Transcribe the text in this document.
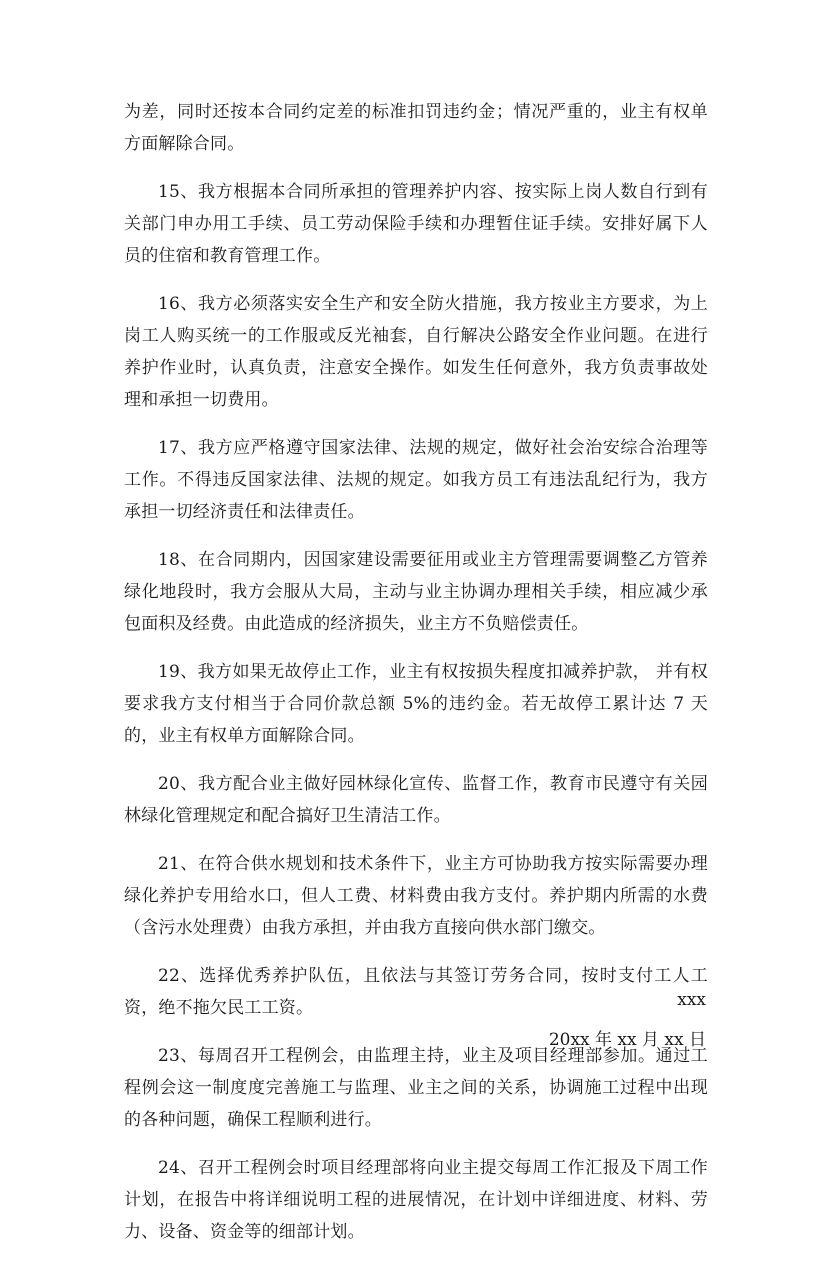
为差，同时还按本合同约定差的标准扣罚违约金；情况严重的，业主有权单方面解除合同。

15、我方根据本合同所承担的管理养护内容、按实际上岗人数自行到有关部门申办用工手续、员工劳动保险手续和办理暂住证手续。安排好属下人员的住宿和教育管理工作。

16、我方必须落实安全生产和安全防火措施，我方按业主方要求，为上岗工人购买统一的工作服或反光袖套，自行解决公路安全作业问题。在进行养护作业时，认真负责，注意安全操作。如发生任何意外，我方负责事故处理和承担一切费用。

17、我方应严格遵守国家法律、法规的规定，做好社会治安综合治理等工作。不得违反国家法律、法规的规定。如我方员工有违法乱纪行为，我方承担一切经济责任和法律责任。

18、在合同期内，因国家建设需要征用或业主方管理需要调整乙方管养绿化地段时，我方会服从大局，主动与业主协调办理相关手续，相应减少承包面积及经费。由此造成的经济损失，业主方不负赔偿责任。

19、我方如果无故停止工作，业主有权按损失程度扣减养护款， 并有权要求我方支付相当于合同价款总额 5%的违约金。若无故停工累计达 7 天的，业主有权单方面解除合同。

20、我方配合业主做好园林绿化宣传、监督工作，教育市民遵守有关园林绿化管理规定和配合搞好卫生清洁工作。

21、在符合供水规划和技术条件下，业主方可协助我方按实际需要办理绿化养护专用给水口，但人工费、材料费由我方支付。养护期内所需的水费（含污水处理费）由我方承担，并由我方直接向供水部门缴交。

22、选择优秀养护队伍，且依法与其签订劳务合同，按时支付工人工资，绝不拖欠民工工资。

23、每周召开工程例会，由监理主持，业主及项目经理部参加。通过工程例会这一制度度完善施工与监理、业主之间的关系，协调施工过程中出现的各种问题，确保工程顺利进行。

24、召开工程例会时项目经理部将向业主提交每周工作汇报及下周工作计划，在报告中将详细说明工程的进展情况，在计划中详细进度、材料、劳力、设备、资金等的细部计划。

xxx
20xx 年 xx 月 xx 日
